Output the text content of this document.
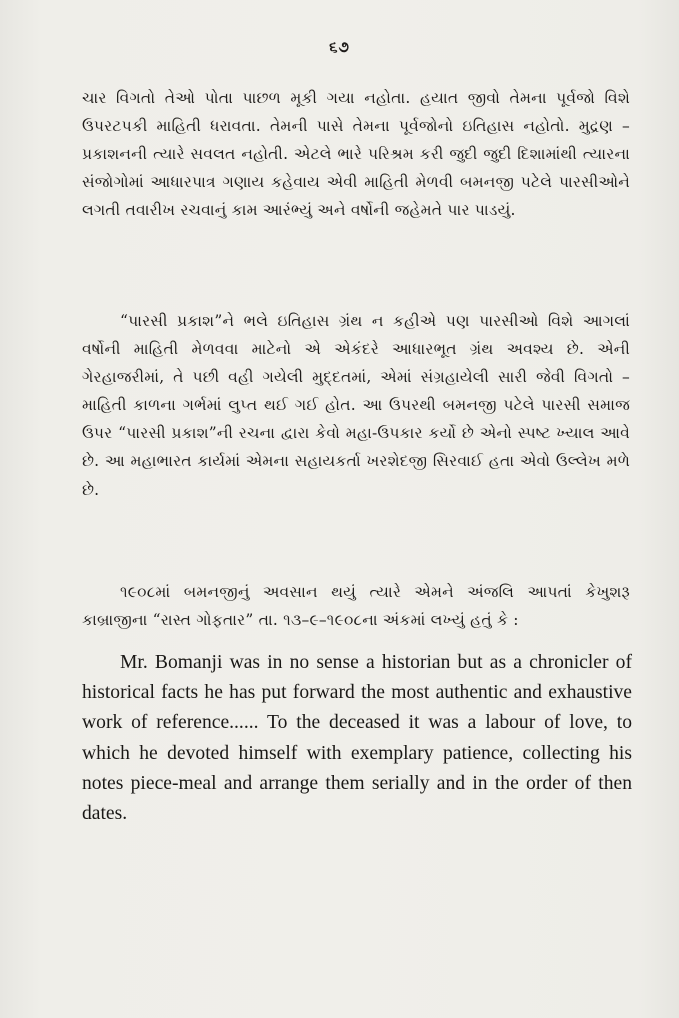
૬૭
ચાર વિગતો તેઓ પોતા પાછળ મૂકી ગયા નહોતા. હયાત જીવો તેમના પૂર્વજો વિશે ઉપરટપકી માહિતી ધરાવતા. તેમની પાસે તેમના પૂર્વજોનો ઇતિહાસ નહોતો. મુદ્રણ – પ્રકાશનની ત્યારે સવલત નહોતી. એટલે ભારે પરિશ્રમ કરી જુદી જુદી દિશામાંથી ત્યારના સંજોગોમાં આધારપાત્ર ગણાય કહેવાય એવી માહિતી મેળવી બમનજી પટેલે પારસીઓને લગતી તવારીખ રચવાનું કામ આરંભ્યું અને વર્ષોની જહેમતે પાર પાડયું.
“પારસી પ્રકાશ”ને ભલે ઇતિહાસ ગ્રંથ ન કહીએ પણ પારસીઓ વિશે આગલાં વર્ષોની માહિતી મેળવવા માટેનો એ એકંદરે આધારભૂત ગ્રંથ અવશ્ય છે. એની ગેરહાજરીમાં, તે પછી વહી ગયેલી મુદ્દતમાં, એમાં સંગ્રહાયેલી સારી જેવી વિગતો – માહિતી કાળના ગર્ભમાં લુપ્ત થઈ ગઈ હોત. આ ઉપરથી બમનજી પટેલે પારસી સમાજ ઉપર “પારસી પ્રકાશ”ની રચના દ્વારા કેવો મહા-ઉપકાર કર્યો છે એનો સ્પષ્ટ ખ્યાલ આવે છે. આ મહાભારત કાર્યમાં એમના સહાયકર્તા ખરશેદજી સિરવાઈ હતા એવો ઉલ્લેખ મળે છે.
૧૯૦૮માં બમનજીનું અવસાન થયું ત્યારે એમને અંજલિ આપતાં કેખુશરૂ કાબ્રાજીના “રાસ્ત ગોફતાર” તા. ૧૩–૯–૧૯૦૮ના અંકમાં લખ્યું હતું કે :
Mr. Bomanji was in no sense a historian but as a chronicler of historical facts he has put forward the most authentic and exhaustive work of reference...... To the deceased it was a labour of love, to which he devoted himself with exemplary patience, collecting his notes piece-meal and arrange them serially and in the order of then dates.
